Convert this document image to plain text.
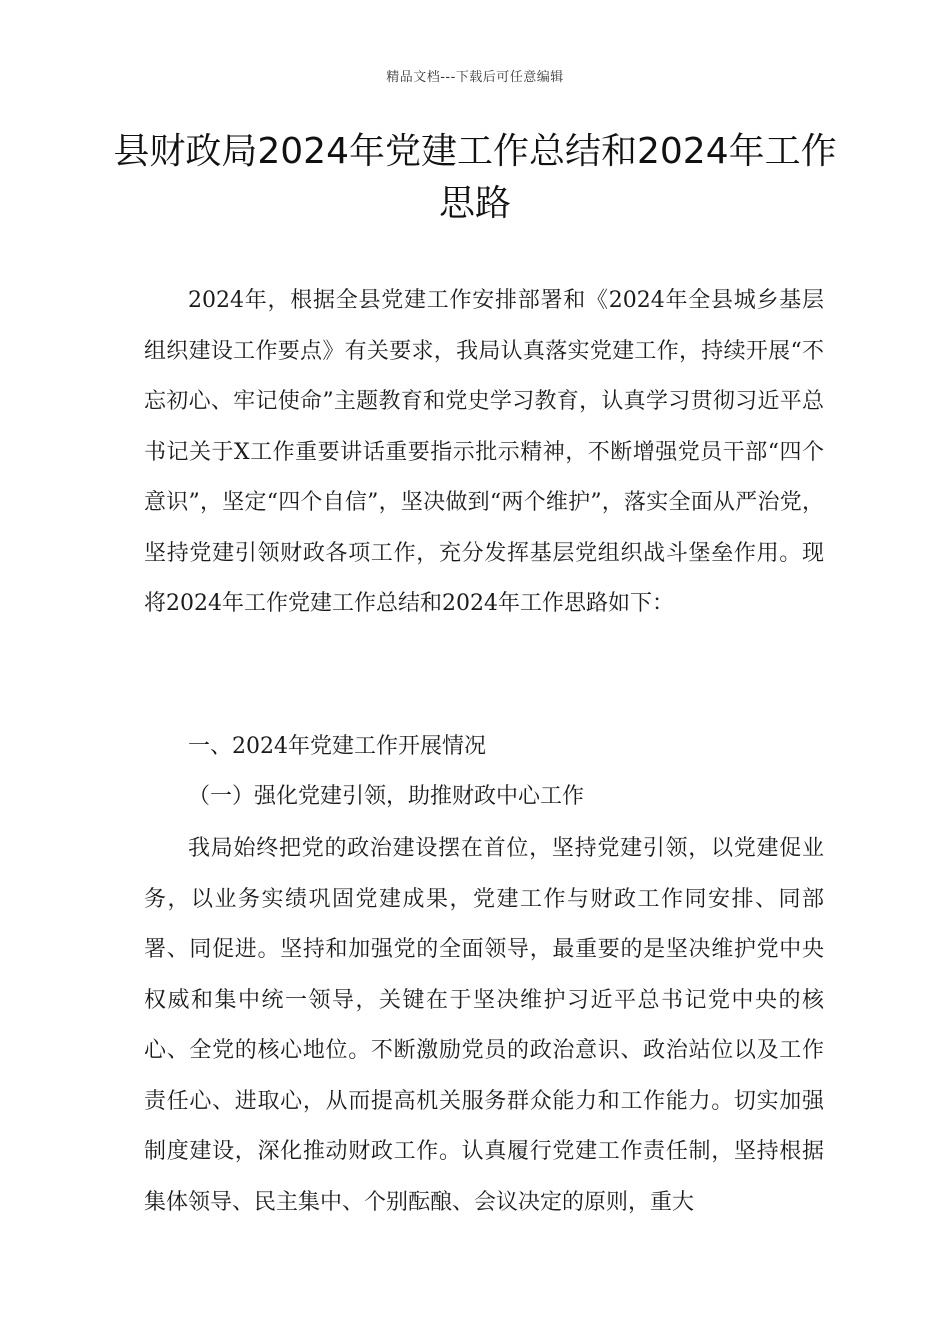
精品文档---下载后可任意编辑
县财政局2024年党建工作总结和2024年工作思路

2024年，根据全县党建工作安排部署和《2024年全县城乡基层组织建设工作要点》有关要求，我局认真落实党建工作，持续开展“不忘初心、牢记使命”主题教育和党史学习教育，认真学习贯彻习近平总书记关于X工作重要讲话重要指示批示精神，不断增强党员干部“四个意识”，坚定“四个自信”，坚决做到“两个维护”，落实全面从严治党，坚持党建引领财政各项工作，充分发挥基层党组织战斗堡垒作用。现将2024年工作党建工作总结和2024年工作思路如下：

一、2024年党建工作开展情况

（一）强化党建引领，助推财政中心工作

我局始终把党的政治建设摆在首位，坚持党建引领，以党建促业务，以业务实绩巩固党建成果，党建工作与财政工作同安排、同部署、同促进。坚持和加强党的全面领导，最重要的是坚决维护党中央权威和集中统一领导，关键在于坚决维护习近平总书记党中央的核心、全党的核心地位。不断激励党员的政治意识、政治站位以及工作责任心、进取心，从而提高机关服务群众能力和工作能力。切实加强制度建设，深化推动财政工作。认真履行党建工作责任制，坚持根据集体领导、民主集中、个别酝酿、会议决定的原则，重大
